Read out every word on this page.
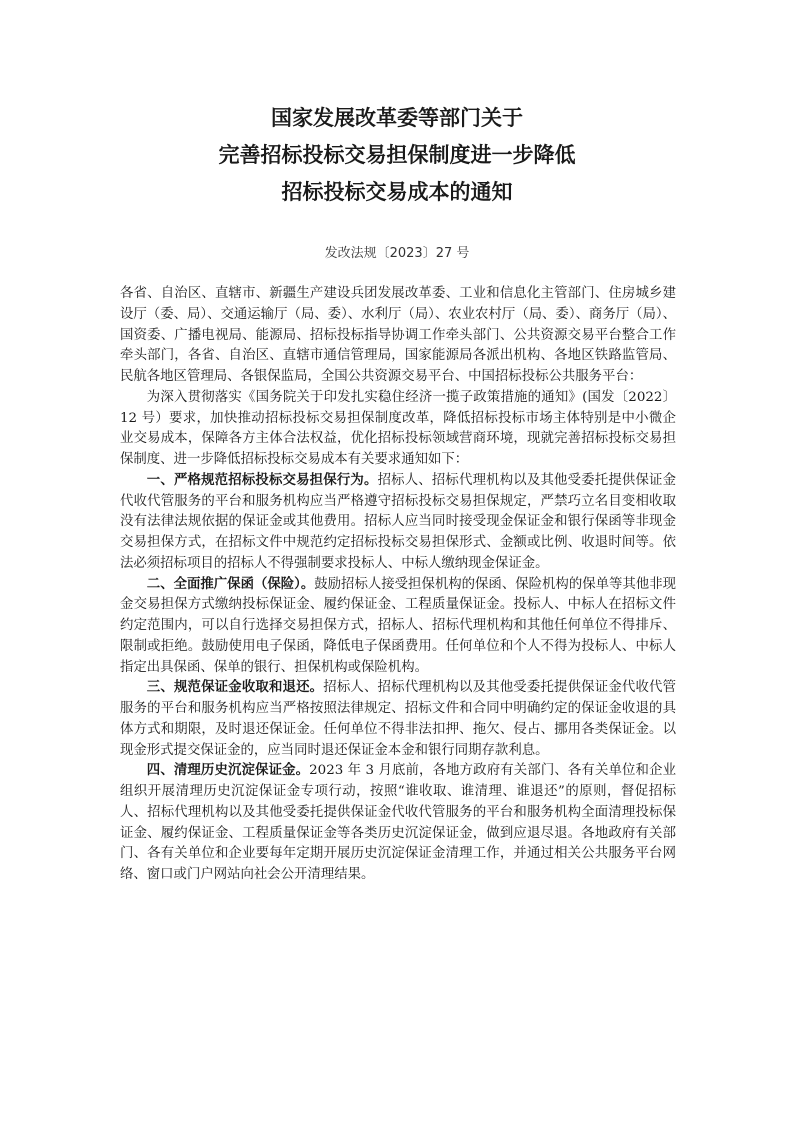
国家发展改革委等部门关于

完善招标投标交易担保制度进一步降低

招标投标交易成本的通知

发改法规〔2023〕27 号

各省、自治区、直辖市、新疆生产建设兵团发展改革委、工业和信息化主管部门、住房城乡建设厅（委、局）、交通运输厅（局、委）、水利厅（局）、农业农村厅（局、委）、商务厅（局）、国资委、广播电视局、能源局、招标投标指导协调工作牵头部门、公共资源交易平台整合工作牵头部门，各省、自治区、直辖市通信管理局，国家能源局各派出机构、各地区铁路监管局、民航各地区管理局、各银保监局，全国公共资源交易平台、中国招标投标公共服务平台：

为深入贯彻落实《国务院关于印发扎实稳住经济一揽子政策措施的通知》(国发〔2022〕12 号）要求，加快推动招标投标交易担保制度改革，降低招标投标市场主体特别是中小微企业交易成本，保障各方主体合法权益，优化招标投标领域营商环境，现就完善招标投标交易担保制度、进一步降低招标投标交易成本有关要求通知如下：

一、严格规范招标投标交易担保行为。招标人、招标代理机构以及其他受委托提供保证金代收代管服务的平台和服务机构应当严格遵守招标投标交易担保规定，严禁巧立名目变相收取没有法律法规依据的保证金或其他费用。招标人应当同时接受现金保证金和银行保函等非现金交易担保方式，在招标文件中规范约定招标投标交易担保形式、金额或比例、收退时间等。依法必须招标项目的招标人不得强制要求投标人、中标人缴纳现金保证金。

二、全面推广保函（保险）。鼓励招标人接受担保机构的保函、保险机构的保单等其他非现金交易担保方式缴纳投标保证金、履约保证金、工程质量保证金。投标人、中标人在招标文件约定范围内，可以自行选择交易担保方式，招标人、招标代理机构和其他任何单位不得排斥、限制或拒绝。鼓励使用电子保函，降低电子保函费用。任何单位和个人不得为投标人、中标人指定出具保函、保单的银行、担保机构或保险机构。

三、规范保证金收取和退还。招标人、招标代理机构以及其他受委托提供保证金代收代管服务的平台和服务机构应当严格按照法律规定、招标文件和合同中明确约定的保证金收退的具体方式和期限，及时退还保证金。任何单位不得非法扣押、拖欠、侵占、挪用各类保证金。以现金形式提交保证金的，应当同时退还保证金本金和银行同期存款利息。

四、清理历史沉淀保证金。2023 年 3 月底前，各地方政府有关部门、各有关单位和企业组织开展清理历史沉淀保证金专项行动，按照“谁收取、谁清理、谁退还”的原则，督促招标人、招标代理机构以及其他受委托提供保证金代收代管服务的平台和服务机构全面清理投标保证金、履约保证金、工程质量保证金等各类历史沉淀保证金，做到应退尽退。各地政府有关部门、各有关单位和企业要每年定期开展历史沉淀保证金清理工作，并通过相关公共服务平台网络、窗口或门户网站向社会公开清理结果。
